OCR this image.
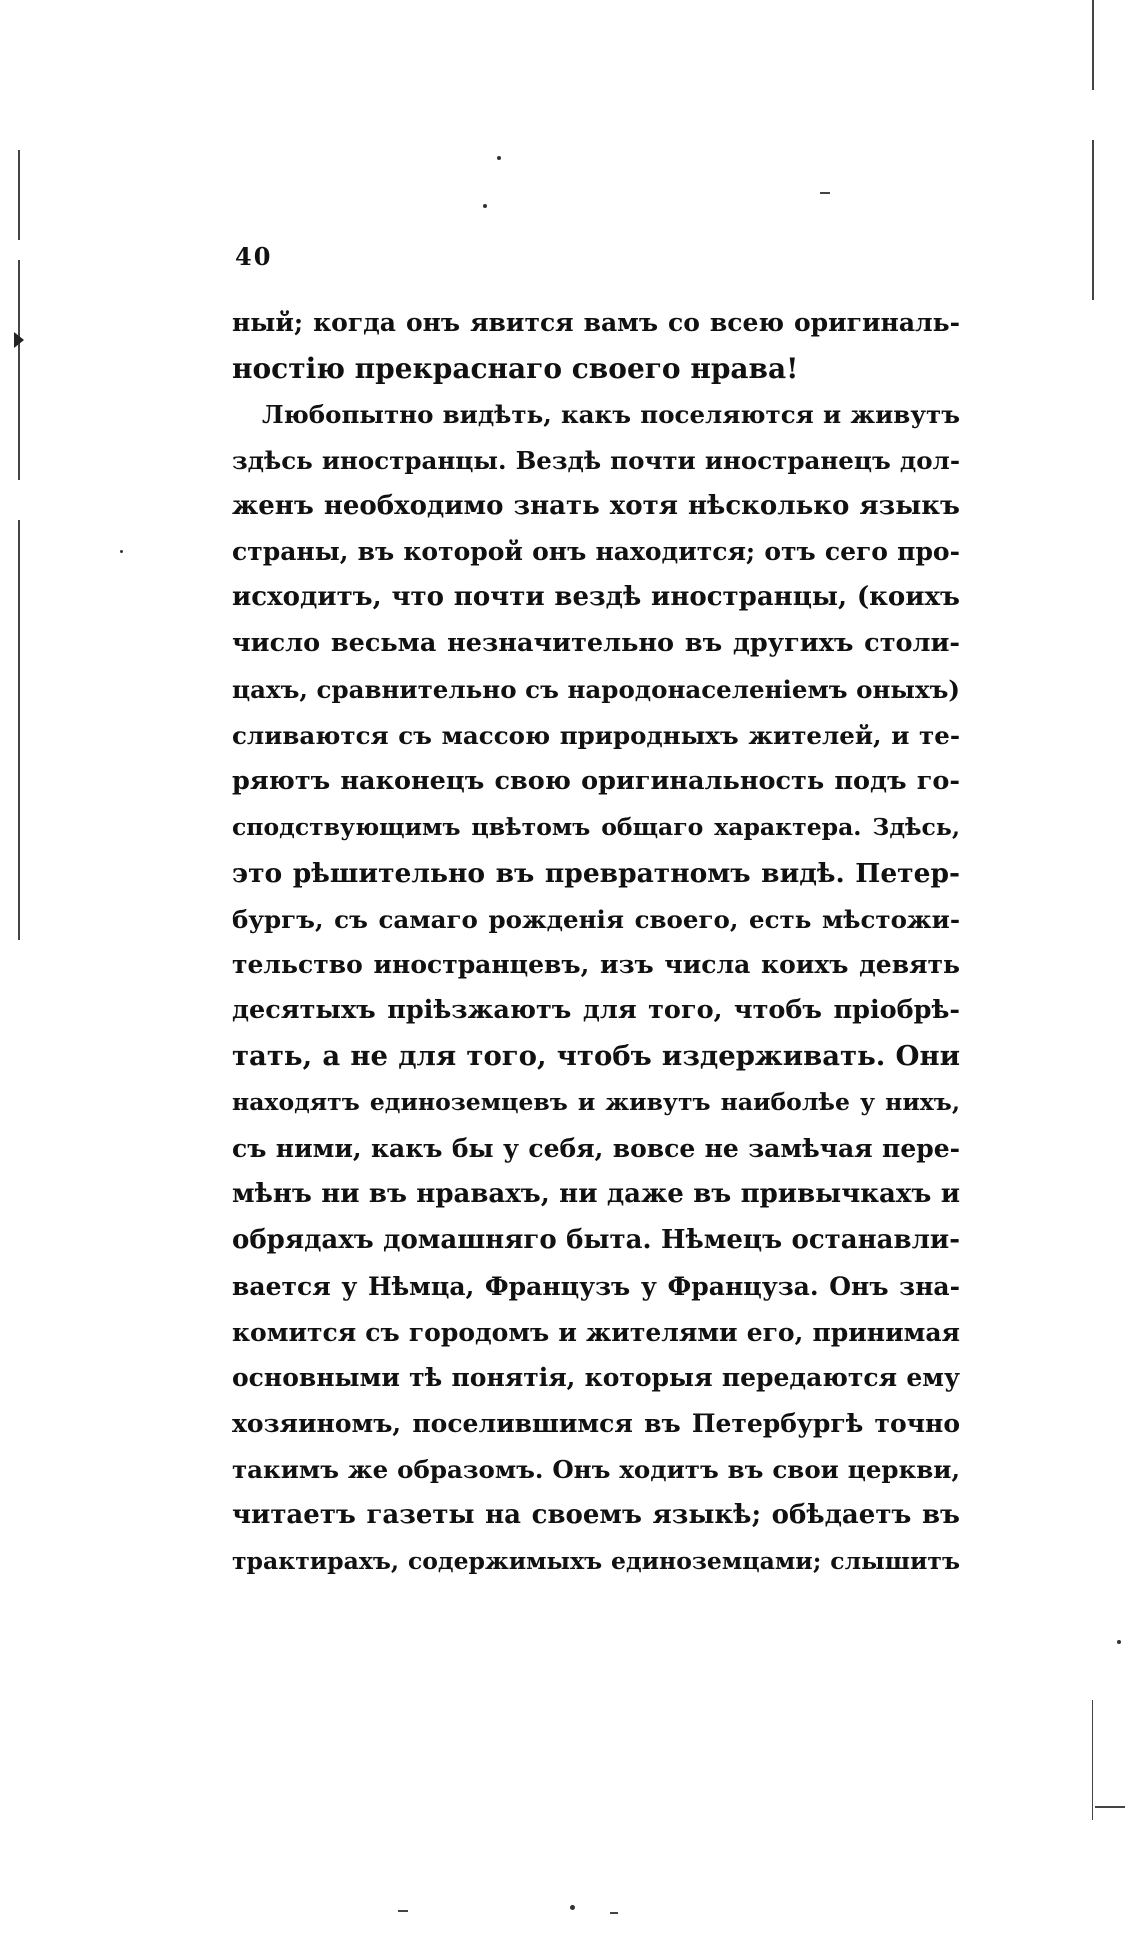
40
ный; когда онъ явится вамъ со всею оригиналь-
ностію прекраснаго своего нрава!
Любопытно видѣть, какъ поселяются и живутъ
здѣсь иностранцы. Вездѣ почти иностранецъ дол-
женъ необходимо знать хотя нѣсколько языкъ
страны, въ которой онъ находится; отъ сего про-
исходитъ, что почти вездѣ иностранцы, (коихъ
число весьма незначительно въ другихъ столи-
цахъ, сравнительно съ народонаселеніемъ оныхъ)
сливаются съ массою природныхъ жителей, и те-
ряютъ наконецъ свою оригинальность подъ го-
сподствующимъ цвѣтомъ общаго характера. Здѣсь,
это рѣшительно въ превратномъ видѣ. Петер-
бургъ, съ самаго рожденія своего, есть мѣстожи-
тельство иностранцевъ, изъ числа коихъ девять
десятыхъ пріѣзжаютъ для того, чтобъ пріобрѣ-
тать, а не для того, чтобъ издерживать. Они
находятъ единоземцевъ и живутъ наиболѣе у нихъ,
съ ними, какъ бы у себя, вовсе не замѣчая пере-
мѣнъ ни въ нравахъ, ни даже въ привычкахъ и
обрядахъ домашняго быта. Нѣмецъ останавли-
вается у Нѣмца, Французъ у Француза. Онъ зна-
комится съ городомъ и жителями его, принимая
основными тѣ понятія, которыя передаются ему
хозяиномъ, поселившимся въ Петербургѣ точно
такимъ же образомъ. Онъ ходитъ въ свои церкви,
читаетъ газеты на своемъ языкѣ; обѣдаетъ въ
трактирахъ, содержимыхъ единоземцами; слышитъ
